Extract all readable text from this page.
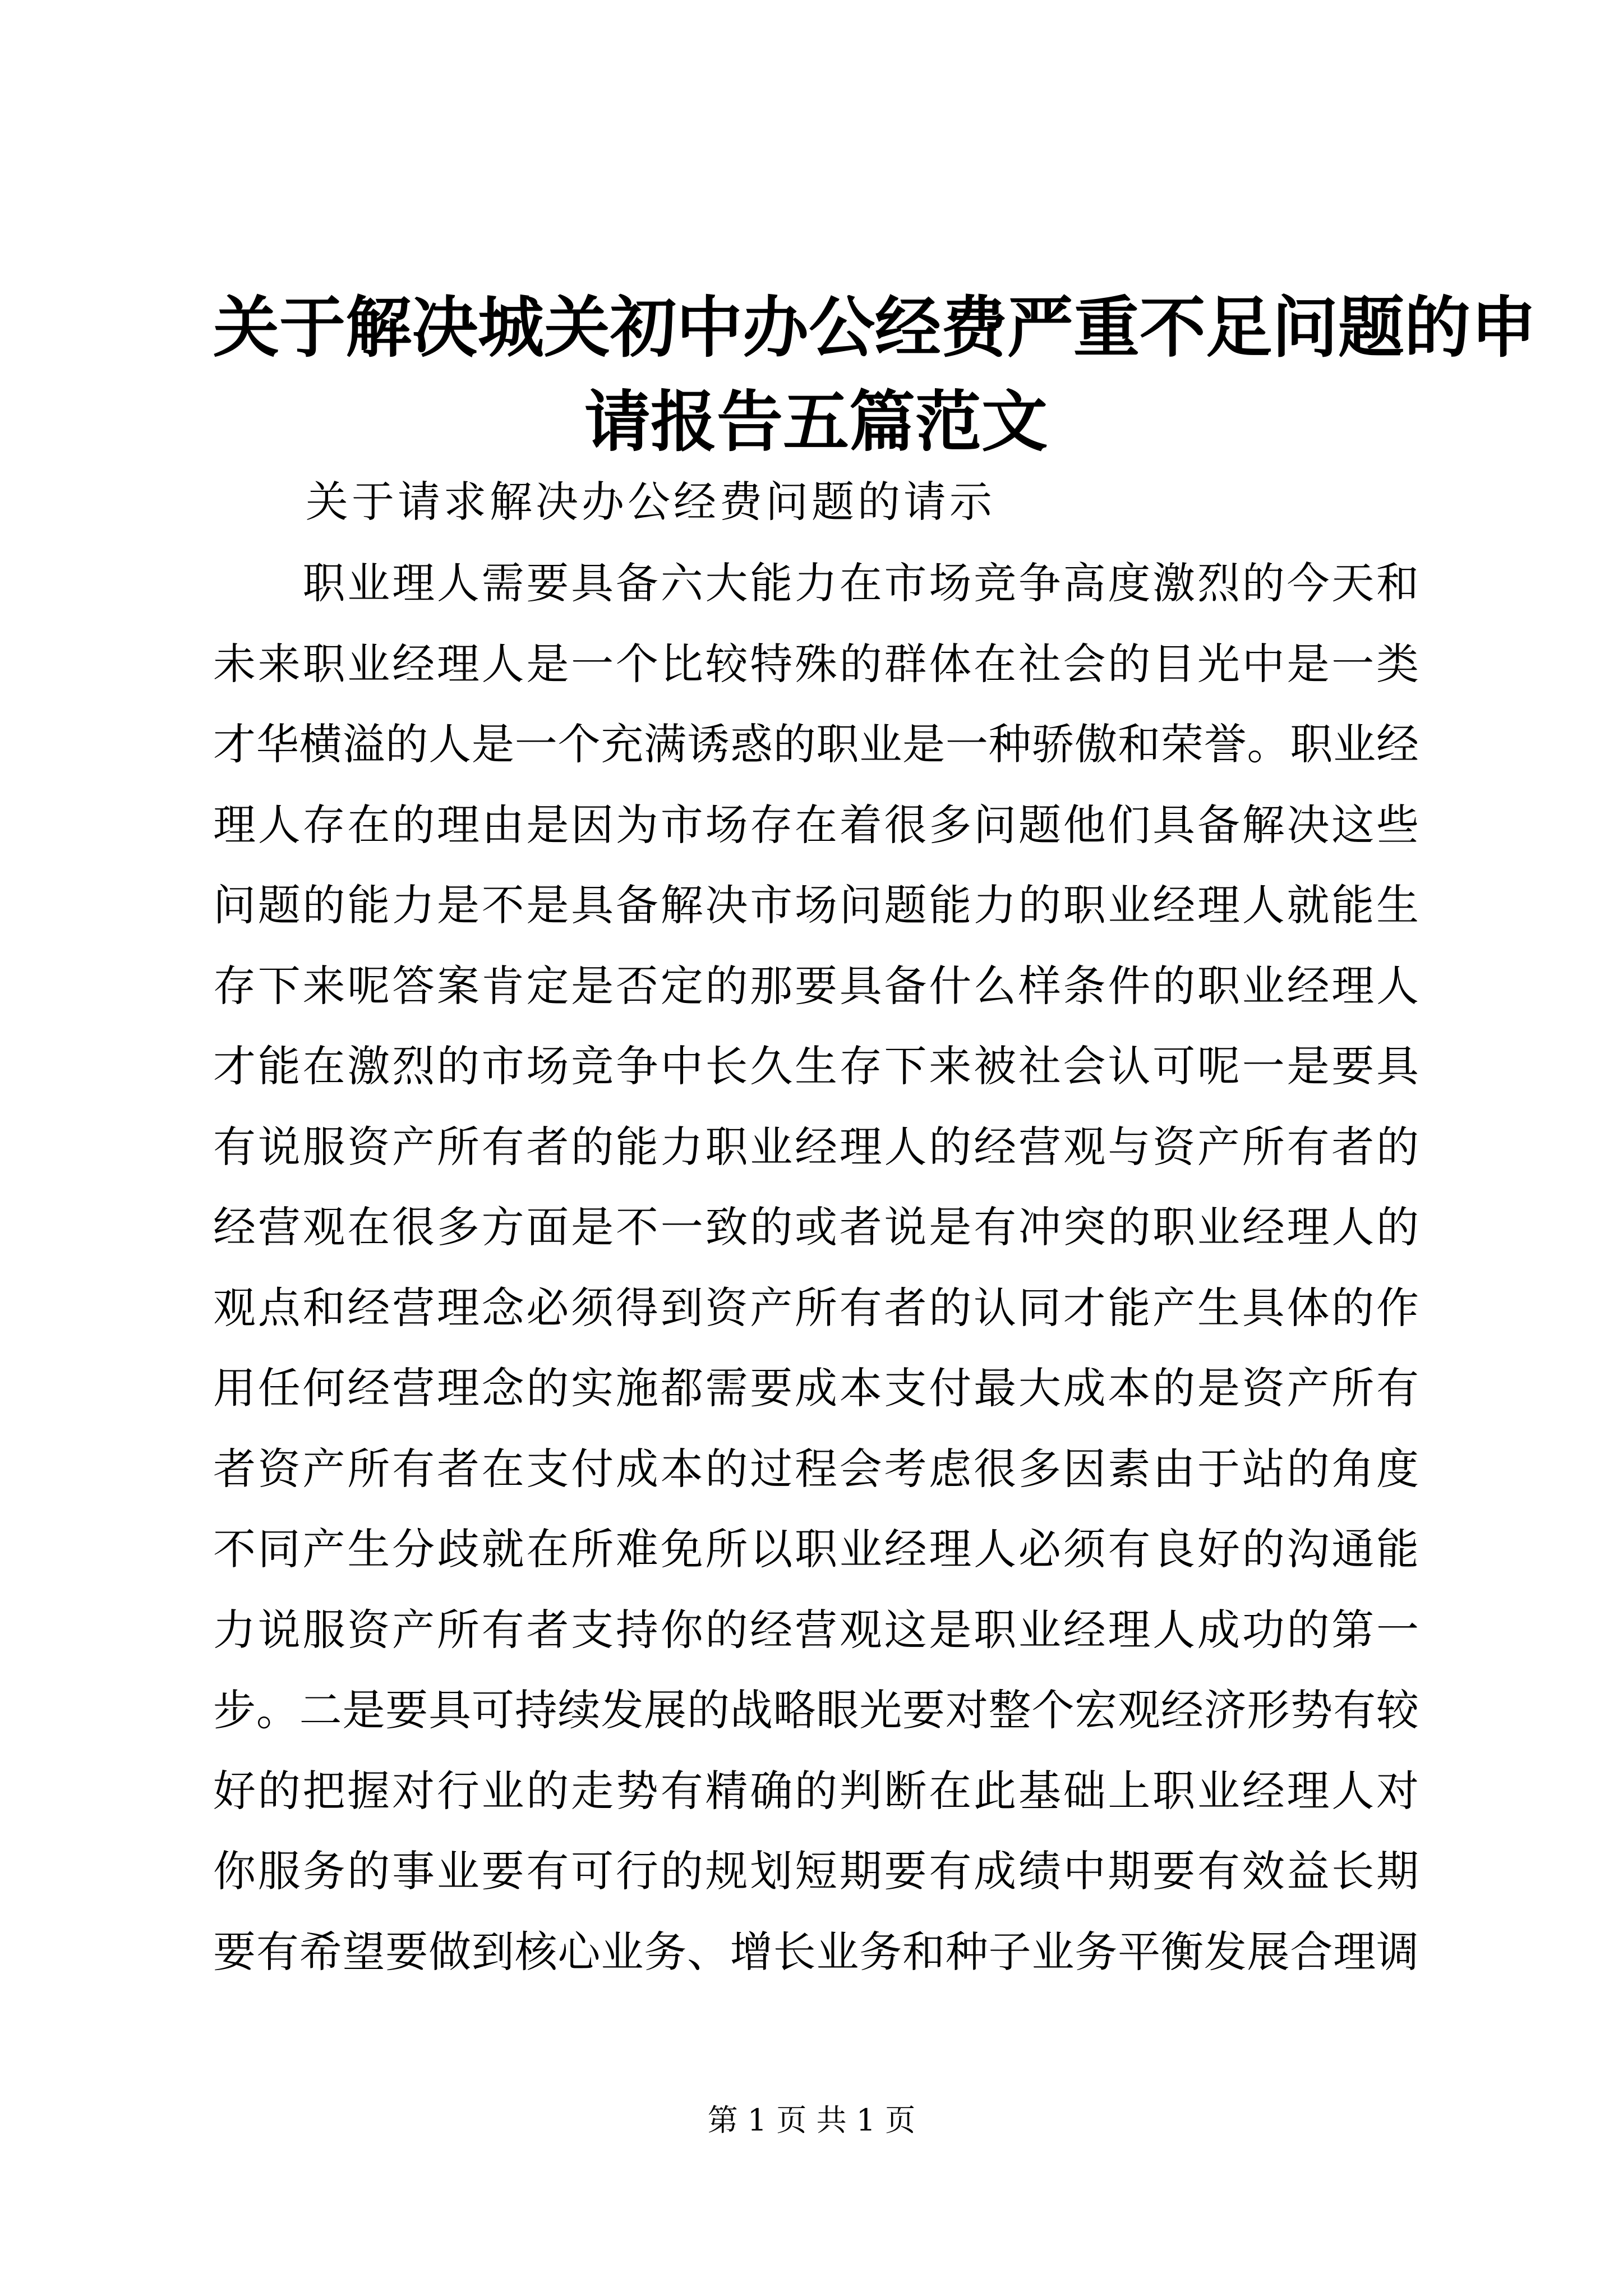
关于解决城关初中办公经费严重不足问题的申
请报告五篇范文

关于请求解决办公经费问题的请示

　　职业理人需要具备六大能力在市场竞争高度激烈的今天和
未来职业经理人是一个比较特殊的群体在社会的目光中是一类
才华横溢的人是一个充满诱惑的职业是一种骄傲和荣誉。职业经
理人存在的理由是因为市场存在着很多问题他们具备解决这些
问题的能力是不是具备解决市场问题能力的职业经理人就能生
存下来呢答案肯定是否定的那要具备什么样条件的职业经理人
才能在激烈的市场竞争中长久生存下来被社会认可呢一是要具
有说服资产所有者的能力职业经理人的经营观与资产所有者的
经营观在很多方面是不一致的或者说是有冲突的职业经理人的
观点和经营理念必须得到资产所有者的认同才能产生具体的作
用任何经营理念的实施都需要成本支付最大成本的是资产所有
者资产所有者在支付成本的过程会考虑很多因素由于站的角度
不同产生分歧就在所难免所以职业经理人必须有良好的沟通能
力说服资产所有者支持你的经营观这是职业经理人成功的第一
步。二是要具可持续发展的战略眼光要对整个宏观经济形势有较
好的把握对行业的走势有精确的判断在此基础上职业经理人对
你服务的事业要有可行的规划短期要有成绩中期要有效益长期
要有希望要做到核心业务、增长业务和种子业务平衡发展合理调

第 1 页 共 1 页
